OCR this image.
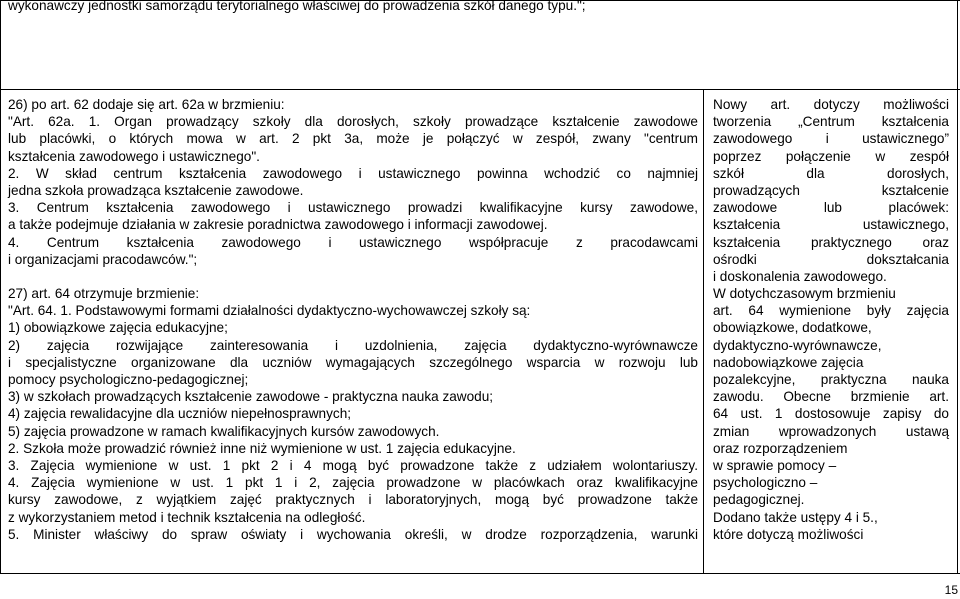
wykonawczy jednostki samorządu terytorialnego właściwej do prowadzenia szkół danego typu.";
26) po art. 62 dodaje się art. 62a w brzmieniu:
"Art. 62a. 1. Organ prowadzący szkoły dla dorosłych, szkoły prowadzące kształcenie zawodowe
lub placówki, o których mowa w art. 2 pkt 3a, może je połączyć w zespół, zwany "centrum
kształcenia zawodowego i ustawicznego".
2. W skład centrum kształcenia zawodowego i ustawicznego powinna wchodzić co najmniej
jedna szkoła prowadząca kształcenie zawodowe.
3. Centrum kształcenia zawodowego i ustawicznego prowadzi kwalifikacyjne kursy zawodowe,
a także podejmuje działania w zakresie poradnictwa zawodowego i informacji zawodowej.
4. Centrum kształcenia zawodowego i ustawicznego współpracuje z pracodawcami
i organizacjami pracodawców.";
27) art. 64 otrzymuje brzmienie:
"Art. 64. 1. Podstawowymi formami działalności dydaktyczno-wychowawczej szkoły są:
1) obowiązkowe zajęcia edukacyjne;
2) zajęcia rozwijające zainteresowania i uzdolnienia, zajęcia dydaktyczno-wyrównawcze
i specjalistyczne organizowane dla uczniów wymagających szczególnego wsparcia w rozwoju lub
pomocy psychologiczno-pedagogicznej;
3) w szkołach prowadzących kształcenie zawodowe - praktyczna nauka zawodu;
4) zajęcia rewalidacyjne dla uczniów niepełnosprawnych;
5) zajęcia prowadzone w ramach kwalifikacyjnych kursów zawodowych.
2. Szkoła może prowadzić również inne niż wymienione w ust. 1 zajęcia edukacyjne.
3. Zajęcia wymienione w ust. 1 pkt 2 i 4 mogą być prowadzone także z udziałem wolontariuszy.
4. Zajęcia wymienione w ust. 1 pkt 1 i 2, zajęcia prowadzone w placówkach oraz kwalifikacyjne
kursy zawodowe, z wyjątkiem zajęć praktycznych i laboratoryjnych, mogą być prowadzone także
z wykorzystaniem metod i technik kształcenia na odległość.
5. Minister właściwy do spraw oświaty i wychowania określi, w drodze rozporządzenia, warunki
Nowy art. dotyczy możliwości
tworzenia „Centrum kształcenia
zawodowego i ustawicznego”
poprzez połączenie w zespół
szkół dla dorosłych,
prowadzących kształcenie
zawodowe lub placówek:
kształcenia ustawicznego,
kształcenia praktycznego oraz
ośrodki dokształcania
i doskonalenia zawodowego.
W dotychczasowym brzmieniu
art. 64 wymienione były zajęcia
obowiązkowe, dodatkowe,
dydaktyczno-wyrównawcze,
nadobowiązkowe zajęcia
pozalekcyjne, praktyczna nauka
zawodu. Obecne brzmienie art.
64 ust. 1 dostosowuje zapisy do
zmian wprowadzonych ustawą
oraz rozporządzeniem
w sprawie pomocy –
psychologiczno –
pedagogicznej.
Dodano także ustępy 4 i 5.,
które dotyczą możliwości
15
